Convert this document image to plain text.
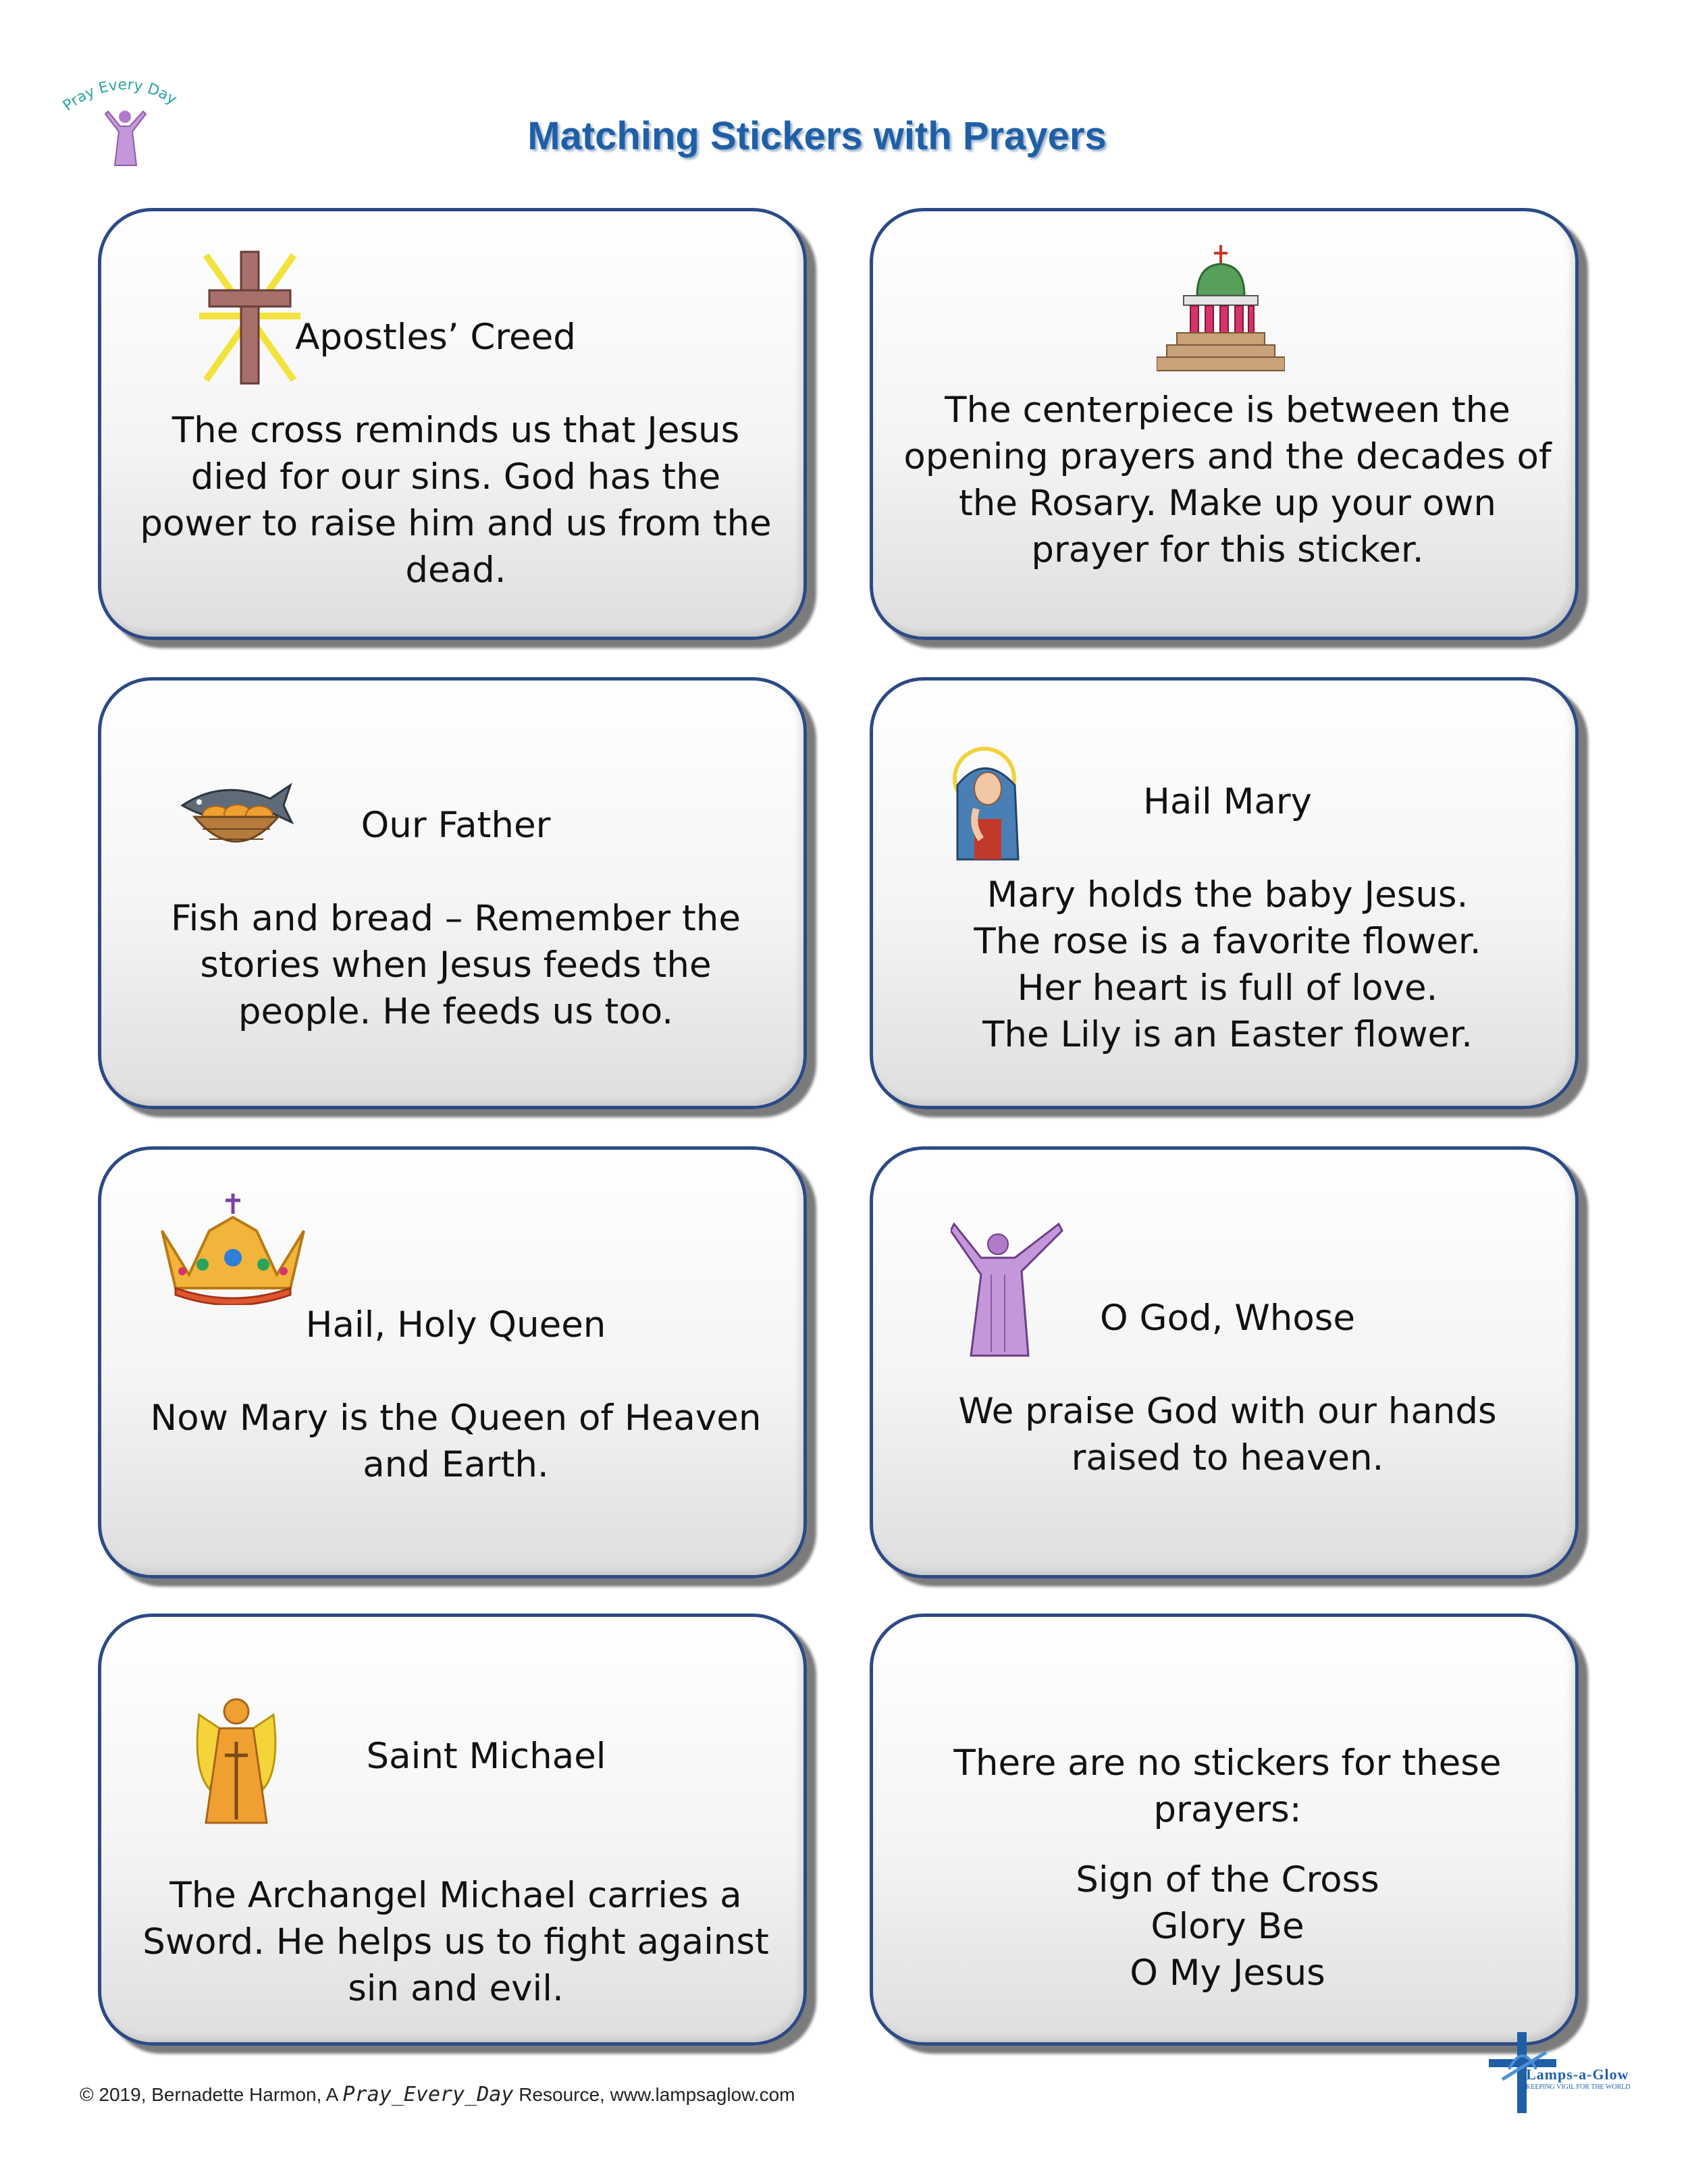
Pray Every Day
Matching Stickers with Prayers
Apostles’ Creed
The cross reminds us that Jesus
died for our sins. God has the
power to raise him and us from the
dead.
The centerpiece is between the
opening prayers and the decades of
the Rosary. Make up your own
prayer for this sticker.
Our Father
Fish and bread – Remember the
stories when Jesus feeds the
people. He feeds us too.
Hail Mary
Mary holds the baby Jesus.
The rose is a favorite flower.
Her heart is full of love.
The Lily is an Easter flower.
Hail, Holy Queen
Now Mary is the Queen of Heaven
and Earth.
O God, Whose
We praise God with our hands
raised to heaven.
Saint Michael
The Archangel Michael carries a
Sword. He helps us to fight against
sin and evil.
There are no stickers for these
prayers:
Sign of the Cross
Glory Be
O My Jesus
© 2019, Bernadette Harmon, A Pray_Every_Day Resource, www.lampsaglow.com
Lamps-a-Glow
KEEPING VIGIL FOR THE WORLD
